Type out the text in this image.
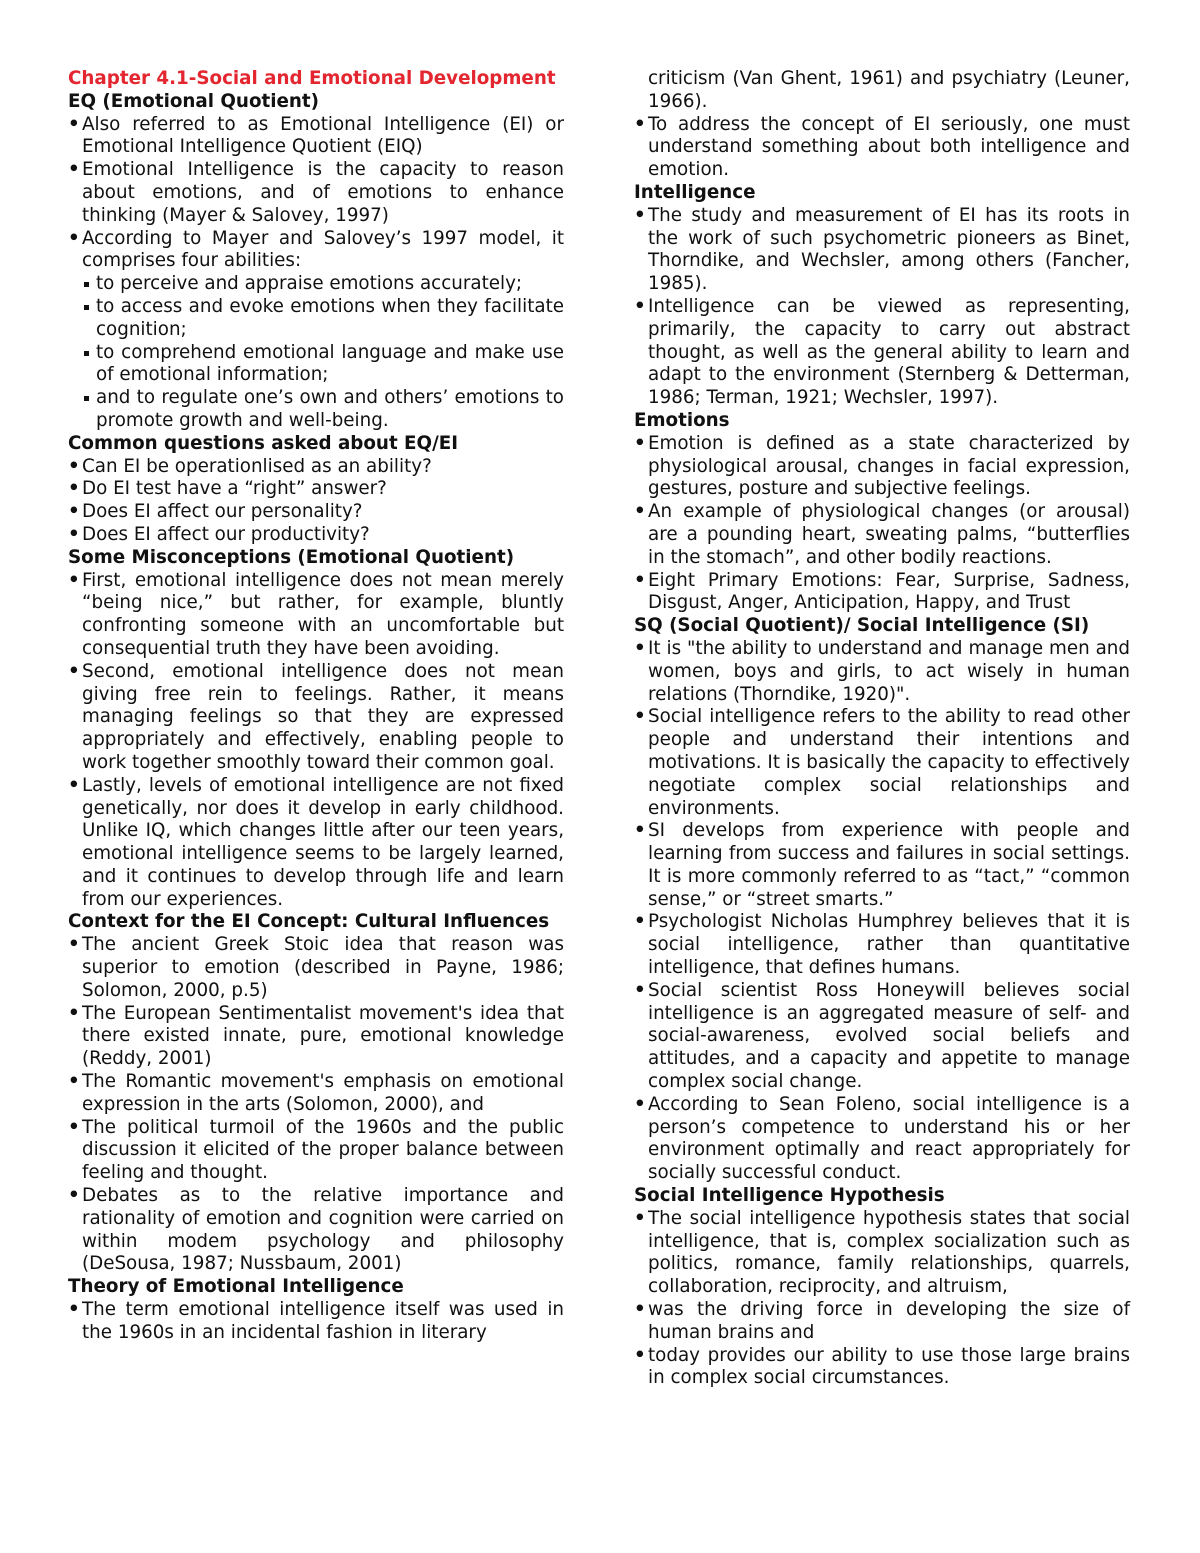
Chapter 4.1-Social and Emotional Development

EQ (Emotional Quotient)

• Also referred to as Emotional Intelligence (EI) or Emotional Intelligence Quotient (EIQ)
• Emotional Intelligence is the capacity to reason about emotions, and of emotions to enhance thinking (Mayer & Salovey, 1997)
• According to Mayer and Salovey’s 1997 model, it comprises four abilities:
to perceive and appraise emotions accurately;
to access and evoke emotions when they facilitate cognition;
to comprehend emotional language and make use of emotional information;
and to regulate one’s own and others’ emotions to promote growth and well-being.

Common questions asked about EQ/EI

• Can EI be operationlised as an ability?
• Do EI test have a “right” answer?
• Does EI affect our personality?
• Does EI affect our productivity?

Some Misconceptions (Emotional Quotient)

• First, emotional intelligence does not mean merely “being nice,” but rather, for example, bluntly confronting someone with an uncomfortable but consequential truth they have been avoiding.
• Second, emotional intelligence does not mean giving free rein to feelings. Rather, it means managing feelings so that they are expressed appropriately and effectively, enabling people to work together smoothly toward their common goal.
• Lastly, levels of emotional intelligence are not fixed genetically, nor does it develop in early childhood. Unlike IQ, which changes little after our teen years, emotional intelligence seems to be largely learned, and it continues to develop through life and learn from our experiences.

Context for the EI Concept: Cultural Influences

• The ancient Greek Stoic idea that reason was superior to emotion (described in Payne, 1986; Solomon, 2000, p.5)
• The European Sentimentalist movement's idea that there existed innate, pure, emotional knowledge (Reddy, 2001)
• The Romantic movement's emphasis on emotional expression in the arts (Solomon, 2000), and
• The political turmoil of the 1960s and the public discussion it elicited of the proper balance between feeling and thought.
• Debates as to the relative importance and rationality of emotion and cognition were carried on within modem psychology and philosophy (DeSousa, 1987; Nussbaum, 2001)

Theory of Emotional Intelligence

• The term emotional intelligence itself was used in the 1960s in an incidental fashion in literary
criticism (Van Ghent, 1961) and psychiatry (Leuner, 1966).
• To address the concept of EI seriously, one must understand something about both intelligence and emotion.

Intelligence

• The study and measurement of EI has its roots in the work of such psychometric pioneers as Binet, Thorndike, and Wechsler, among others (Fancher, 1985).
• Intelligence can be viewed as representing, primarily, the capacity to carry out abstract thought, as well as the general ability to learn and adapt to the environment (Sternberg & Detterman, 1986; Terman, 1921; Wechsler, 1997).

Emotions

• Emotion is defined as a state characterized by physiological arousal, changes in facial expression, gestures, posture and subjective feelings.
• An example of physiological changes (or arousal) are a pounding heart, sweating palms, “butterflies in the stomach”, and other bodily reactions.
• Eight Primary Emotions: Fear, Surprise, Sadness, Disgust, Anger, Anticipation, Happy, and Trust

SQ (Social Quotient)/ Social Intelligence (SI)

• It is "the ability to understand and manage men and women, boys and girls, to act wisely in human relations (Thorndike, 1920)".
• Social intelligence refers to the ability to read other people and understand their intentions and motivations. It is basically the capacity to effectively negotiate complex social relationships and environments.
• SI develops from experience with people and learning from success and failures in social settings. It is more commonly referred to as “tact,” “common sense,” or “street smarts.”
• Psychologist Nicholas Humphrey believes that it is social intelligence, rather than quantitative intelligence, that defines humans.
• Social scientist Ross Honeywill believes social intelligence is an aggregated measure of self- and social-awareness, evolved social beliefs and attitudes, and a capacity and appetite to manage complex social change.
• According to Sean Foleno, social intelligence is a person’s competence to understand his or her environment optimally and react appropriately for socially successful conduct.

Social Intelligence Hypothesis

• The social intelligence hypothesis states that social intelligence, that is, complex socialization such as politics, romance, family relationships, quarrels, collaboration, reciprocity, and altruism,
• was the driving force in developing the size of human brains and
• today provides our ability to use those large brains in complex social circumstances.
